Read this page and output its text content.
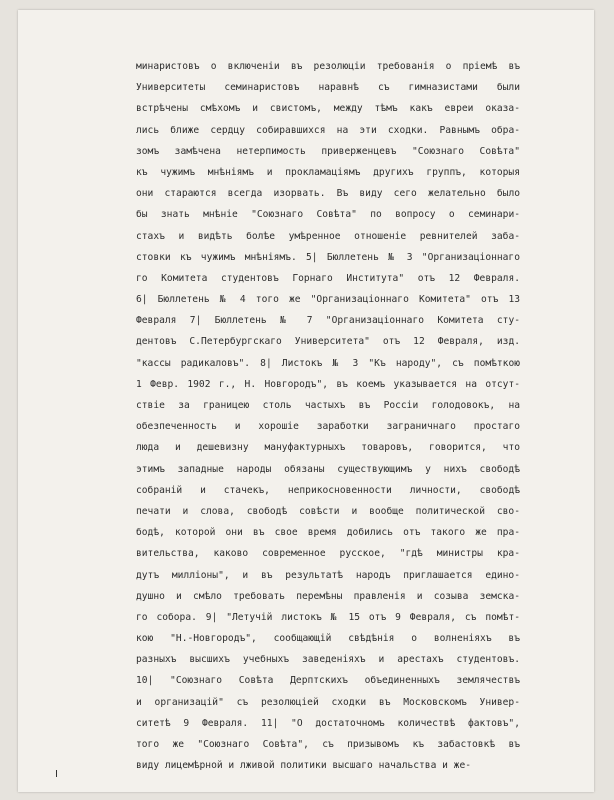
минаристовъ о включеніи въ резолюціи требованія о пріемѣ въ
Университеты семинаристовъ наравнѣ съ гимназистами были
встрѣчены смѣхомъ и свистомъ, между тѣмъ какъ евреи оказа-
лись ближе сердцу собиравшихся на эти сходки. Равнымъ обра-
зомъ замѣчена нетерпимость приверженцевъ "Союзнаго Совѣта"
къ чужимъ мнѣніямъ и прокламаціямъ другихъ группъ, которыя
они стараются всегда изорвать. Въ виду сего желательно было
бы знать мнѣніе "Союзнаго Совѣта" по вопросу о семинари-
стахъ и видѣть болѣе умѣренное отношеніе ревнителей заба-
стовки къ чужимъ мнѣніямъ. 5| Бюллетень № 3 "Организаціоннаго
го Комитета студентовъ Горнаго Института" отъ 12 Февраля.
6| Бюллетень № 4 того же "Организаціоннаго Комитета" отъ 13
Февраля 7| Бюллетень № 7 "Организаціоннаго Комитета сту-
дентовъ С.Петербургскаго Университета" отъ 12 Февраля, изд.
"кассы радикаловъ". 8| Листокъ № 3 "Къ народу", съ помѣткою
1 Февр. 1902 г., Н. Новгородъ", въ коемъ указывается на отсут-
ствіе за границею столь частыхъ въ Россіи голодовокъ, на
обезпеченность и хорошіе заработки заграничнаго простаго
люда и дешевизну мануфактурныхъ товаровъ, говорится, что
этимъ западные народы обязаны существующимъ у нихъ свободѣ
собраній и стачекъ, неприкосновенности личности, свободѣ
печати и слова, свободѣ совѣсти и вообще политической сво-
бодѣ, которой они въ свое время добились отъ такого же пра-
вительства, каково современное русское, "гдѣ министры кра-
дутъ милліоны", и въ результатѣ народъ приглашается едино-
душно и смѣло требовать перемѣны правленія и созыва земска-
го собора. 9| "Летучій листокъ № 15 отъ 9 Февраля, съ помѣт-
кою "Н.-Новгородъ", сообщающій свѣдѣнія о волненіяхъ въ
разныхъ высшихъ учебныхъ заведеніяхъ и арестахъ студентовъ.
10| "Союзнаго Совѣта Дерптскихъ объединенныхъ землячествъ
и организацій" съ резолюціей сходки въ Московскомъ Универ-
ситетѣ 9 Февраля. 11| "О достаточномъ количествѣ фактовъ",
того же "Союзнаго Совѣта", съ призывомъ къ забастовкѣ въ
виду лицемѣрной и лживой политики высшаго начальства и же-
